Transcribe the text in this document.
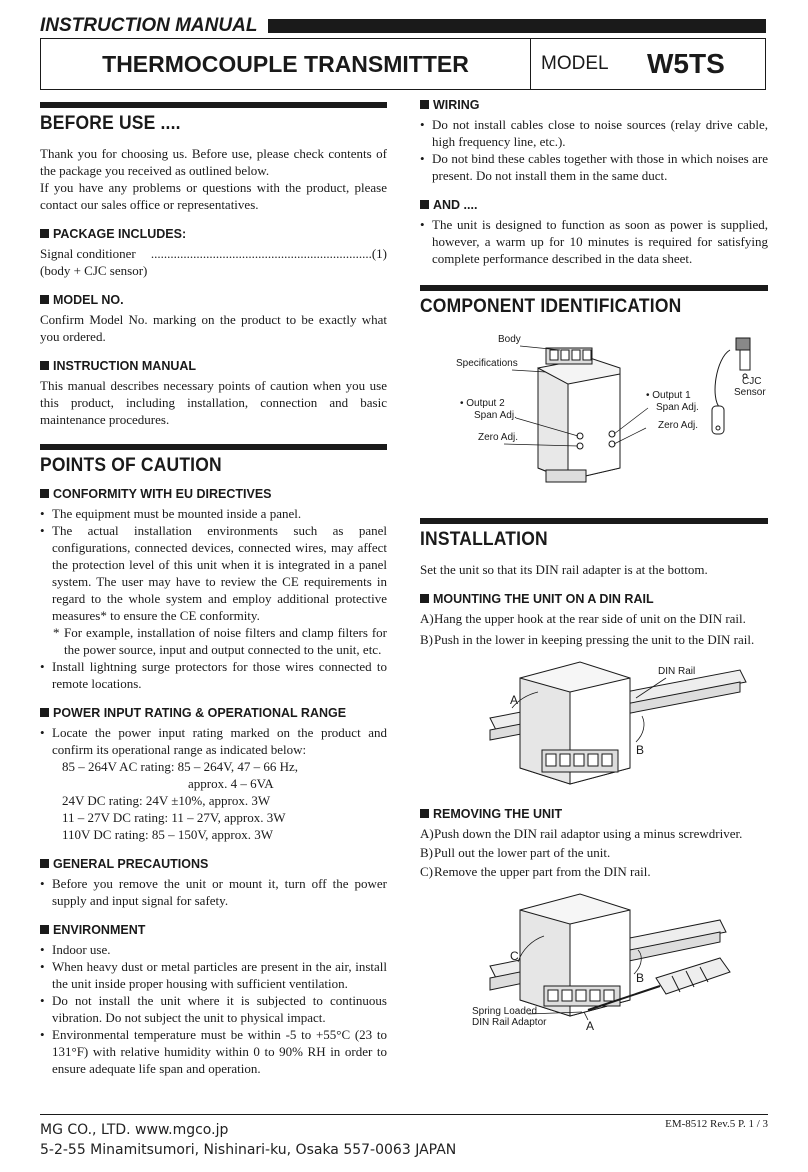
INSTRUCTION MANUAL
THERMOCOUPLE TRANSMITTER	MODEL W5TS
BEFORE USE ....

Thank you for choosing us. Before use, please check contents of the package you received as outlined below.

If you have any problems or questions with the product, please contact our sales office or representatives.

PACKAGE INCLUDES:
Signal conditioner (body + CJC sensor)
.................................................................... (1)
MODEL NO.

Confirm Model No. marking on the product to be exactly what you ordered.

INSTRUCTION MANUAL

This manual describes necessary points of caution when you use this product, including installation, connection and basic maintenance procedures.

POINTS OF CAUTION
CONFORMITY WITH EU DIRECTIVES
• The equipment must be mounted inside a panel.
• The actual installation environments such as panel configurations, connected devices, connected wires, may affect the protection level of this unit when it is integrated in a panel system. The user may have to review the CE requirements in regard to the whole system and employ additional protective measures* to ensure the CE conformity.
* For example, installation of noise filters and clamp filters for the power source, input and output connected to the unit, etc.
• Install lightning surge protectors for those wires connected to remote locations.
POWER INPUT RATING & OPERATIONAL RANGE
• Locate the power input rating marked on the product and confirm its operational range as indicated below:
85 – 264V AC rating: 85 – 264V, 47 – 66 Hz,
approx. 4 – 6VA
24V DC rating: 24V ±10%, approx. 3W
11 – 27V DC rating: 11 – 27V, approx. 3W
110V DC rating: 85 – 150V, approx. 3W
GENERAL PRECAUTIONS
• Before you remove the unit or mount it, turn off the power supply and input signal for safety.
ENVIRONMENT
• Indoor use.
• When heavy dust or metal particles are present in the air, install the unit inside proper housing with sufficient ventilation.
• Do not install the unit where it is subjected to continuous vibration. Do not subject the unit to physical impact.
• Environmental temperature must be within -5 to +55°C (23 to 131°F) with relative humidity within 0 to 90% RH in order to ensure adequate life span and operation.
WIRING
• Do not install cables close to noise sources (relay drive cable, high frequency line, etc.).
• Do not bind these cables together with those in which noises are present. Do not install them in the same duct.
AND ....
• The unit is designed to function as soon as power is supplied, however, a warm up for 10 minutes is required for satisfying complete performance described in the data sheet.
COMPONENT IDENTIFICATION
Body
Specifications
• Output 2
Span Adj.
Zero Adj.
• Output 1
Span Adj.
Zero Adj.
CJC
Sensor
INSTALLATION

Set the unit so that its DIN rail adapter is at the bottom.

MOUNTING THE UNIT ON A DIN RAIL
A) Hang the upper hook at the rear side of unit on the DIN rail.
B) Push in the lower in keeping pressing the unit to the DIN rail.
DIN Rail
A
B
REMOVING THE UNIT
A) Push down the DIN rail adaptor using a minus screwdriver.
B) Pull out the lower part of the unit.
C) Remove the upper part from the DIN rail.
C
B
A
Spring Loaded
DIN Rail Adaptor
MG CO., LTD. www.mgco.jp
5-2-55 Minamitsumori, Nishinari-ku, Osaka 557-0063 JAPAN
EM-8512 Rev.5 P. 1 / 3
